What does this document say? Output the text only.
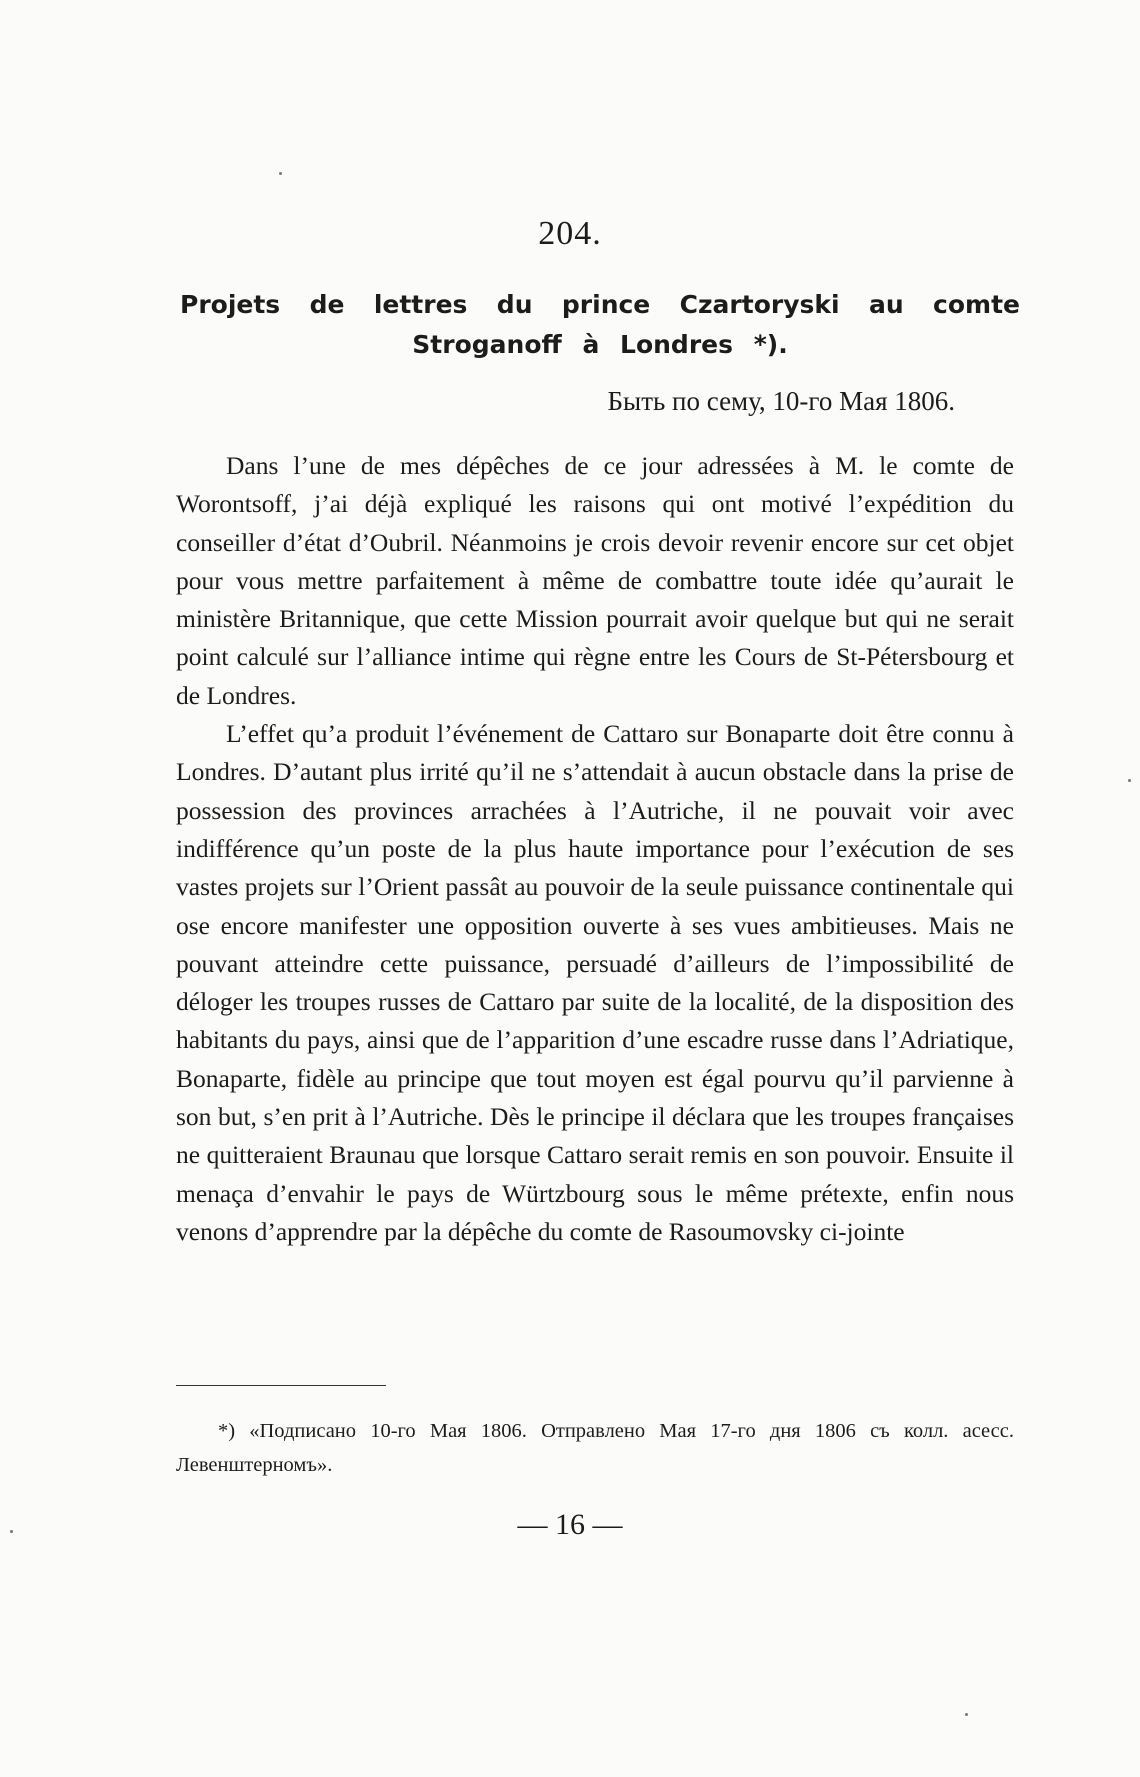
204.
Projets de lettres du prince Czartoryski au comte Stroganoff à Londres *).
Быть по сему, 10-го Мая 1806.

Dans l’une de mes dépêches de ce jour adressées à M. le comte de Worontsoff, j’ai déjà expliqué les raisons qui ont motivé l’expédition du conseiller d’état d’Oubril. Néanmoins je crois devoir revenir encore sur cet objet pour vous mettre parfaitement à même de combattre toute idée qu’aurait le ministère Britannique, que cette Mission pourrait avoir quelque but qui ne serait point calculé sur l’alliance intime qui règne entre les Cours de St-Pétersbourg et de Londres.

L’effet qu’a produit l’événement de Cattaro sur Bonaparte doit être connu à Londres. D’autant plus irrité qu’il ne s’attendait à aucun obstacle dans la prise de possession des provinces arrachées à l’Autriche, il ne pouvait voir avec indifférence qu’un poste de la plus haute importance pour l’exécution de ses vastes projets sur l’Orient passât au pouvoir de la seule puissance continentale qui ose encore manifester une opposition ouverte à ses vues ambitieuses. Mais ne pouvant atteindre cette puissance, persuadé d’ailleurs de l’impossibilité de déloger les troupes russes de Cattaro par suite de la localité, de la disposition des habitants du pays, ainsi que de l’apparition d’une escadre russe dans l’Adriatique, Bonaparte, fidèle au principe que tout moyen est égal pourvu qu’il parvienne à son but, s’en prit à l’Autriche. Dès le principe il déclara que les troupes françaises ne quitteraient Braunau que lorsque Cattaro serait remis en son pouvoir. Ensuite il menaça d’envahir le pays de Würtzbourg sous le même prétexte, enfin nous venons d’apprendre par la dépêche du comte de Rasoumovsky ci-jointe

*) «Подписано 10-го Мая 1806. Отправлено Мая 17-го дня 1806 съ колл. асесс. Левенштерномъ».
— 16 —
